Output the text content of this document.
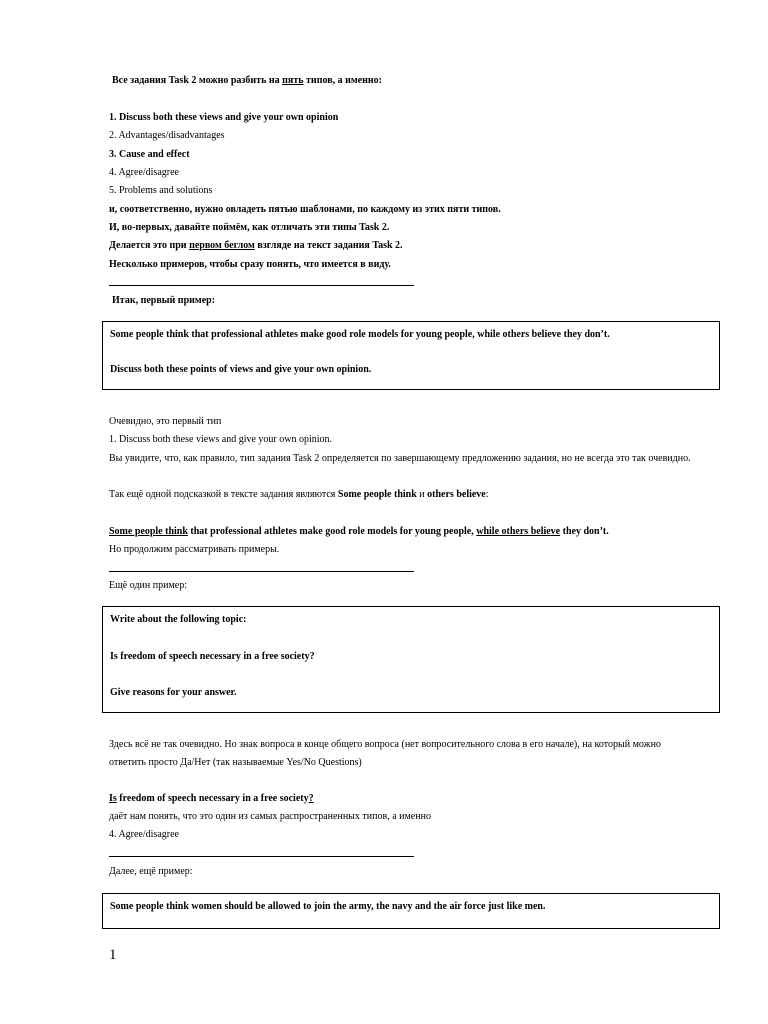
Все задания Task 2 можно разбить на пять типов, а именно:
1. Discuss both these views and give your own opinion
2. Advantages/disadvantages
3. Cause and effect
4. Agree/disagree
5. Problems and solutions
и, соответственно, нужно овладеть пятью шаблонами, по каждому из этих пяти типов.
И, во-первых, давайте поймём, как отличать эти типы Task 2.
Делается это при первом беглом взгляде на текст задания Task 2.
Несколько примеров, чтобы сразу понять, что имеется в виду.
Итак, первый пример:
Some people think that professional athletes make good role models for young people, while others believe they don’t.
Discuss both these points of views and give your own opinion.
Очевидно, это первый тип
1. Discuss both these views and give your own opinion.
Вы увидите, что, как правило, тип задания Task 2 определяется по завершающему предложению задания, но не всегда это так очевидно.
Так ещё одной подсказкой в тексте задания являются Some people think и others believe:
Some people think that professional athletes make good role models for young people, while others believe they don’t.
Но продолжим рассматривать примеры.
Ещё один пример:
Write about the following topic:
Is freedom of speech necessary in a free society?
Give reasons for your answer.
Здесь всё не так очевидно. Но знак вопроса в конце общего вопроса (нет вопросительного слова в его начале), на который можно
ответить просто Да/Нет (так называемые Yes/No Questions)
Is freedom of speech necessary in a free society?
даёт нам понять, что это один из самых распространенных типов, а именно
4. Agree/disagree
Далее, ещё пример:
Some people think women should be allowed to join the army, the navy and the air force just like men.
1
